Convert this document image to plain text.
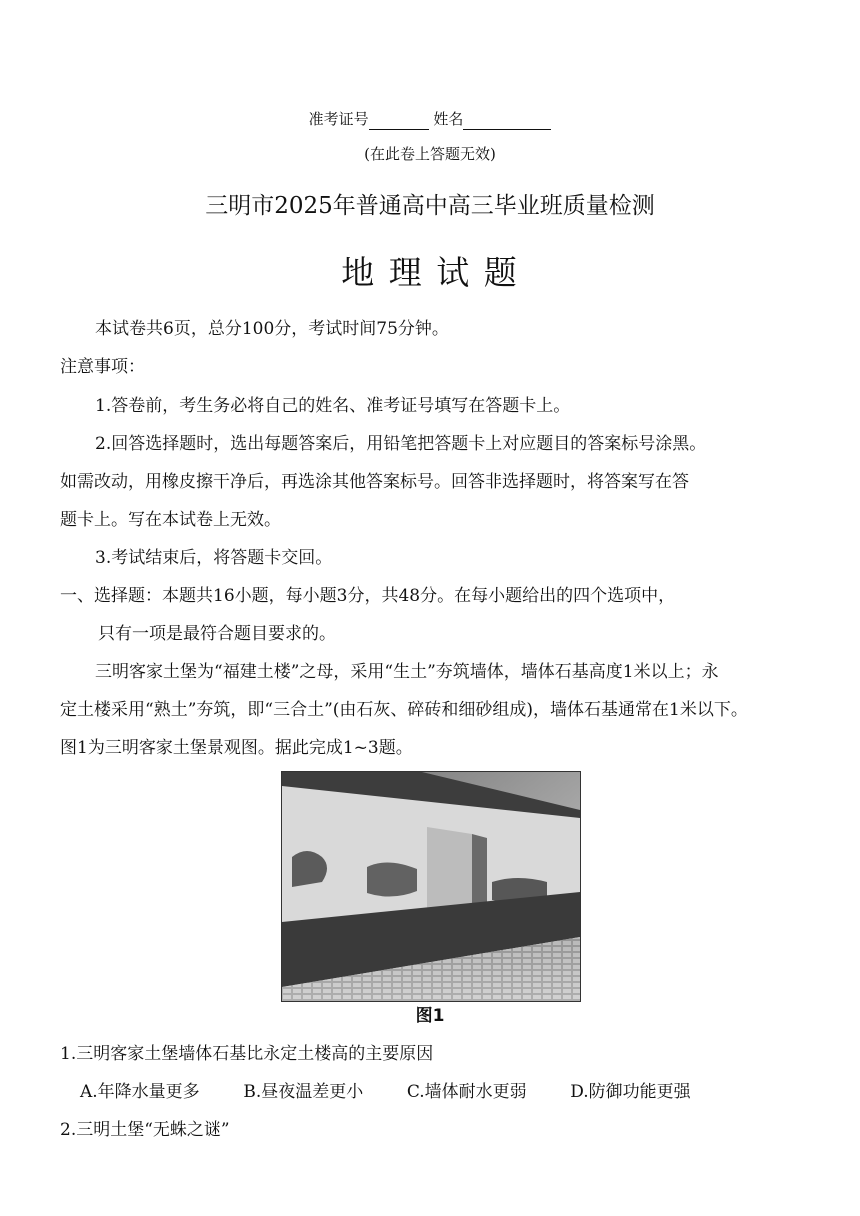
准考证号	姓名
(在此卷上答题无效)
三明市2025年普通高中高三毕业班质量检测
地 理 试 题
本试卷共6页，总分100分，考试时间75分钟。
注意事项：
1.答卷前，考生务必将自己的姓名、准考证号填写在答题卡上。
2.回答选择题时，选出每题答案后，用铅笔把答题卡上对应题目的答案标号涂黑。
如需改动，用橡皮擦干净后，再选涂其他答案标号。回答非选择题时，将答案写在答
题卡上。写在本试卷上无效。
3.考试结束后，将答题卡交回。
一、选择题：本题共16小题，每小题3分，共48分。在每小题给出的四个选项中，
只有一项是最符合题目要求的。
三明客家土堡为“福建土楼”之母，采用“生土”夯筑墙体，墙体石基高度1米以上；永
定土楼采用“熟土”夯筑，即“三合土”(由石灰、碎砖和细砂组成)，墙体石基通常在1米以下。
图1为三明客家土堡景观图。据此完成1~3题。
图1
1.三明客家土堡墙体石基比永定土楼高的主要原因
A.年降水量更多	B.昼夜温差更小	C.墙体耐水更弱	D.防御功能更强
2.三明土堡“无蛛之谜”
